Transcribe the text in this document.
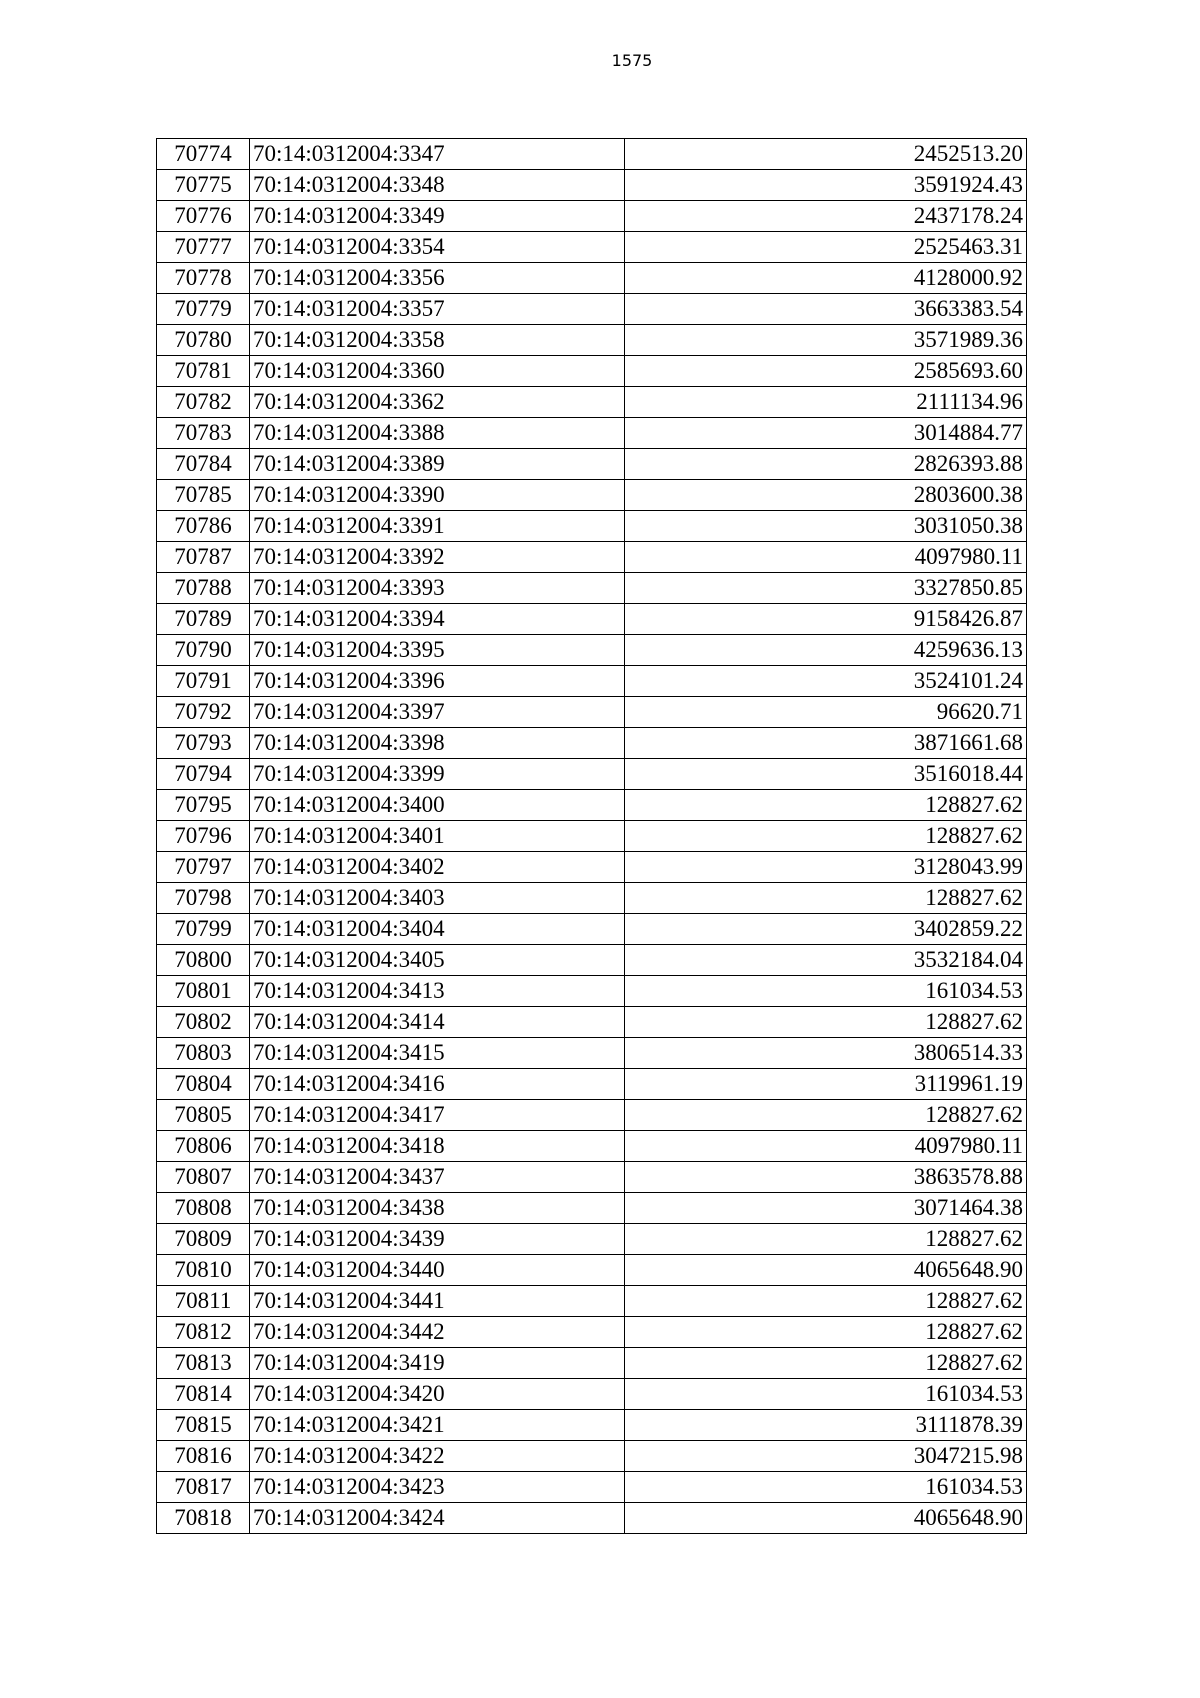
1575
70774	70:14:0312004:3347	2452513.20
70775	70:14:0312004:3348	3591924.43
70776	70:14:0312004:3349	2437178.24
70777	70:14:0312004:3354	2525463.31
70778	70:14:0312004:3356	4128000.92
70779	70:14:0312004:3357	3663383.54
70780	70:14:0312004:3358	3571989.36
70781	70:14:0312004:3360	2585693.60
70782	70:14:0312004:3362	2111134.96
70783	70:14:0312004:3388	3014884.77
70784	70:14:0312004:3389	2826393.88
70785	70:14:0312004:3390	2803600.38
70786	70:14:0312004:3391	3031050.38
70787	70:14:0312004:3392	4097980.11
70788	70:14:0312004:3393	3327850.85
70789	70:14:0312004:3394	9158426.87
70790	70:14:0312004:3395	4259636.13
70791	70:14:0312004:3396	3524101.24
70792	70:14:0312004:3397	96620.71
70793	70:14:0312004:3398	3871661.68
70794	70:14:0312004:3399	3516018.44
70795	70:14:0312004:3400	128827.62
70796	70:14:0312004:3401	128827.62
70797	70:14:0312004:3402	3128043.99
70798	70:14:0312004:3403	128827.62
70799	70:14:0312004:3404	3402859.22
70800	70:14:0312004:3405	3532184.04
70801	70:14:0312004:3413	161034.53
70802	70:14:0312004:3414	128827.62
70803	70:14:0312004:3415	3806514.33
70804	70:14:0312004:3416	3119961.19
70805	70:14:0312004:3417	128827.62
70806	70:14:0312004:3418	4097980.11
70807	70:14:0312004:3437	3863578.88
70808	70:14:0312004:3438	3071464.38
70809	70:14:0312004:3439	128827.62
70810	70:14:0312004:3440	4065648.90
70811	70:14:0312004:3441	128827.62
70812	70:14:0312004:3442	128827.62
70813	70:14:0312004:3419	128827.62
70814	70:14:0312004:3420	161034.53
70815	70:14:0312004:3421	3111878.39
70816	70:14:0312004:3422	3047215.98
70817	70:14:0312004:3423	161034.53
70818	70:14:0312004:3424	4065648.90
